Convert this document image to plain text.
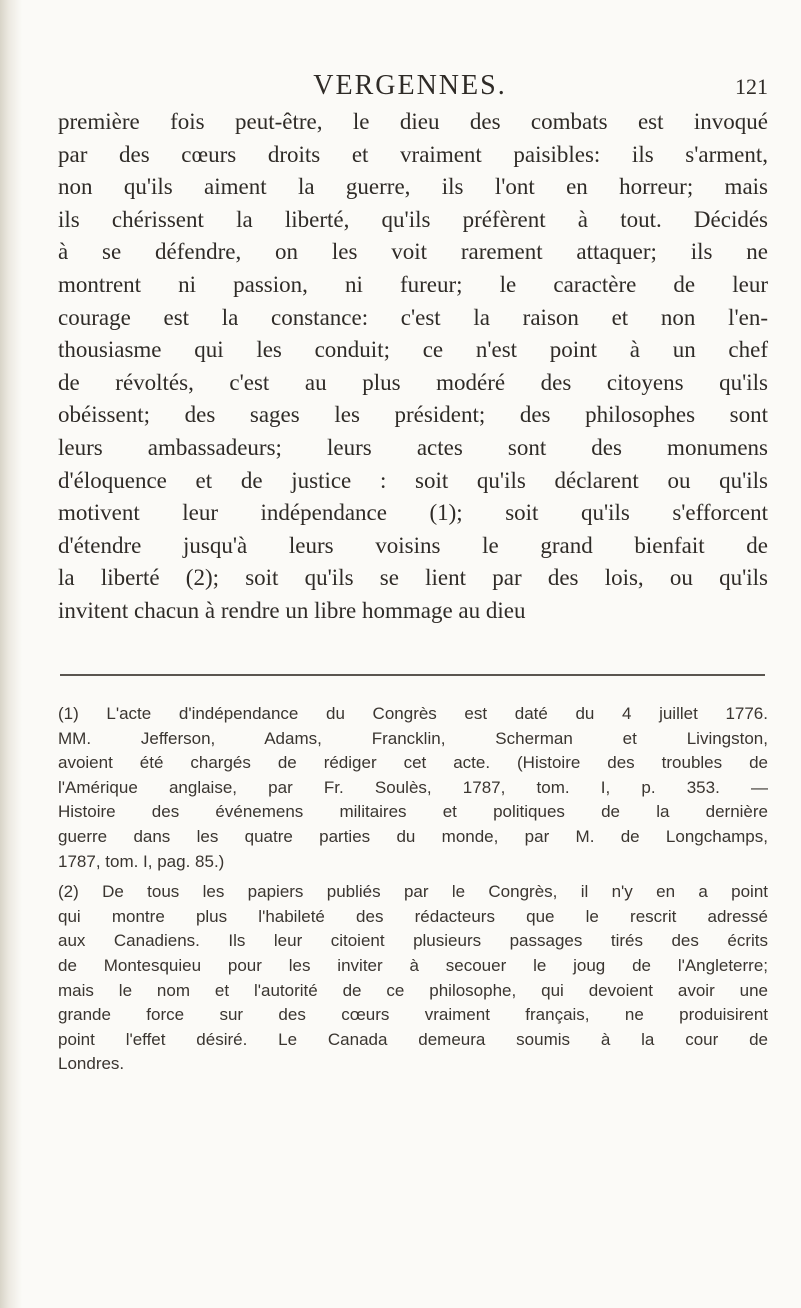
VERGENNES.	121
première fois peut-être, le dieu des combats est invoqué
par des cœurs droits et vraiment paisibles: ils s'arment,
non qu'ils aiment la guerre, ils l'ont en horreur; mais
ils chérissent la liberté, qu'ils préfèrent à tout. Décidés
à se défendre, on les voit rarement attaquer; ils ne
montrent ni passion, ni fureur; le caractère de leur
courage est la constance: c'est la raison et non l'en-
thousiasme qui les conduit; ce n'est point à un chef
de révoltés, c'est au plus modéré des citoyens qu'ils
obéissent; des sages les président; des philosophes sont
leurs ambassadeurs; leurs actes sont des monumens
d'éloquence et de justice : soit qu'ils déclarent ou qu'ils
motivent leur indépendance (1); soit qu'ils s'efforcent
d'étendre jusqu'à leurs voisins le grand bienfait de
la liberté (2); soit qu'ils se lient par des lois, ou qu'ils
invitent chacun à rendre un libre hommage au dieu
(1) L'acte d'indépendance du Congrès est daté du 4 juillet 1776.
MM. Jefferson, Adams, Francklin, Scherman et Livingston,
avoient été chargés de rédiger cet acte. (Histoire des troubles de
l'Amérique anglaise, par Fr. Soulès, 1787, tom. I, p. 353. —
Histoire des événemens militaires et politiques de la dernière
guerre dans les quatre parties du monde, par M. de Longchamps,
1787, tom. I, pag. 85.)
(2) De tous les papiers publiés par le Congrès, il n'y en a point
qui montre plus l'habileté des rédacteurs que le rescrit adressé
aux Canadiens. Ils leur citoient plusieurs passages tirés des écrits
de Montesquieu pour les inviter à secouer le joug de l'Angleterre;
mais le nom et l'autorité de ce philosophe, qui devoient avoir une
grande force sur des cœurs vraiment français, ne produisirent
point l'effet désiré. Le Canada demeura soumis à la cour de
Londres.
